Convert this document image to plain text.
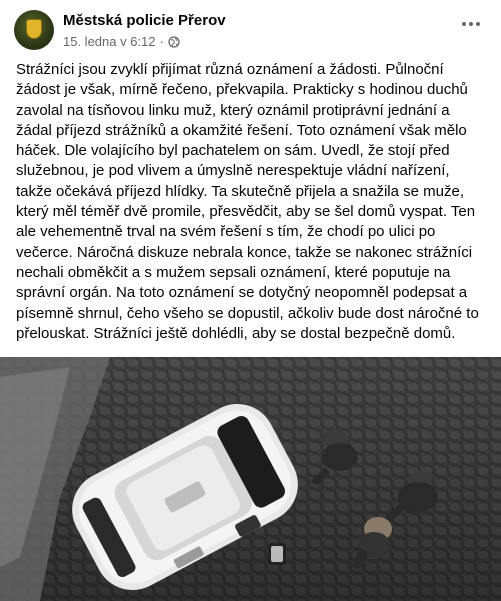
Městská policie Přerov
15. ledna v 6:12 ·
Strážníci jsou zvyklí přijímat různá oznámení a žádosti. Půlnoční žádost je však, mírně řečeno, překvapila. Prakticky s hodinou duchů zavolal na tísňovou linku muž, který oznámil protiprávní jednání a žádal příjezd strážníků a okamžité řešení. Toto oznámení však mělo háček. Dle volajícího byl pachatelem on sám. Uvedl, že stojí před služebnou, je pod vlivem a úmyslně nerespektuje vládní nařízení, takže očekává příjezd hlídky. Ta skutečně přijela a snažila se muže, který měl téměř dvě promile, přesvědčit, aby se šel domů vyspat. Ten ale vehementně trval na svém řešení s tím, že chodí po ulici po večerce. Náročná diskuze nebrala konce, takže se nakonec strážníci nechali obměkčit a s mužem sepsali oznámení, které poputuje na správní orgán. Na toto oznámení se dotyčný neopomněl podepsat a písemně shrnul, čeho všeho se dopustil, ačkoliv bude dost náročné to přelouskat. Strážníci ještě dohlédli, aby se dostal bezpečně domů.
